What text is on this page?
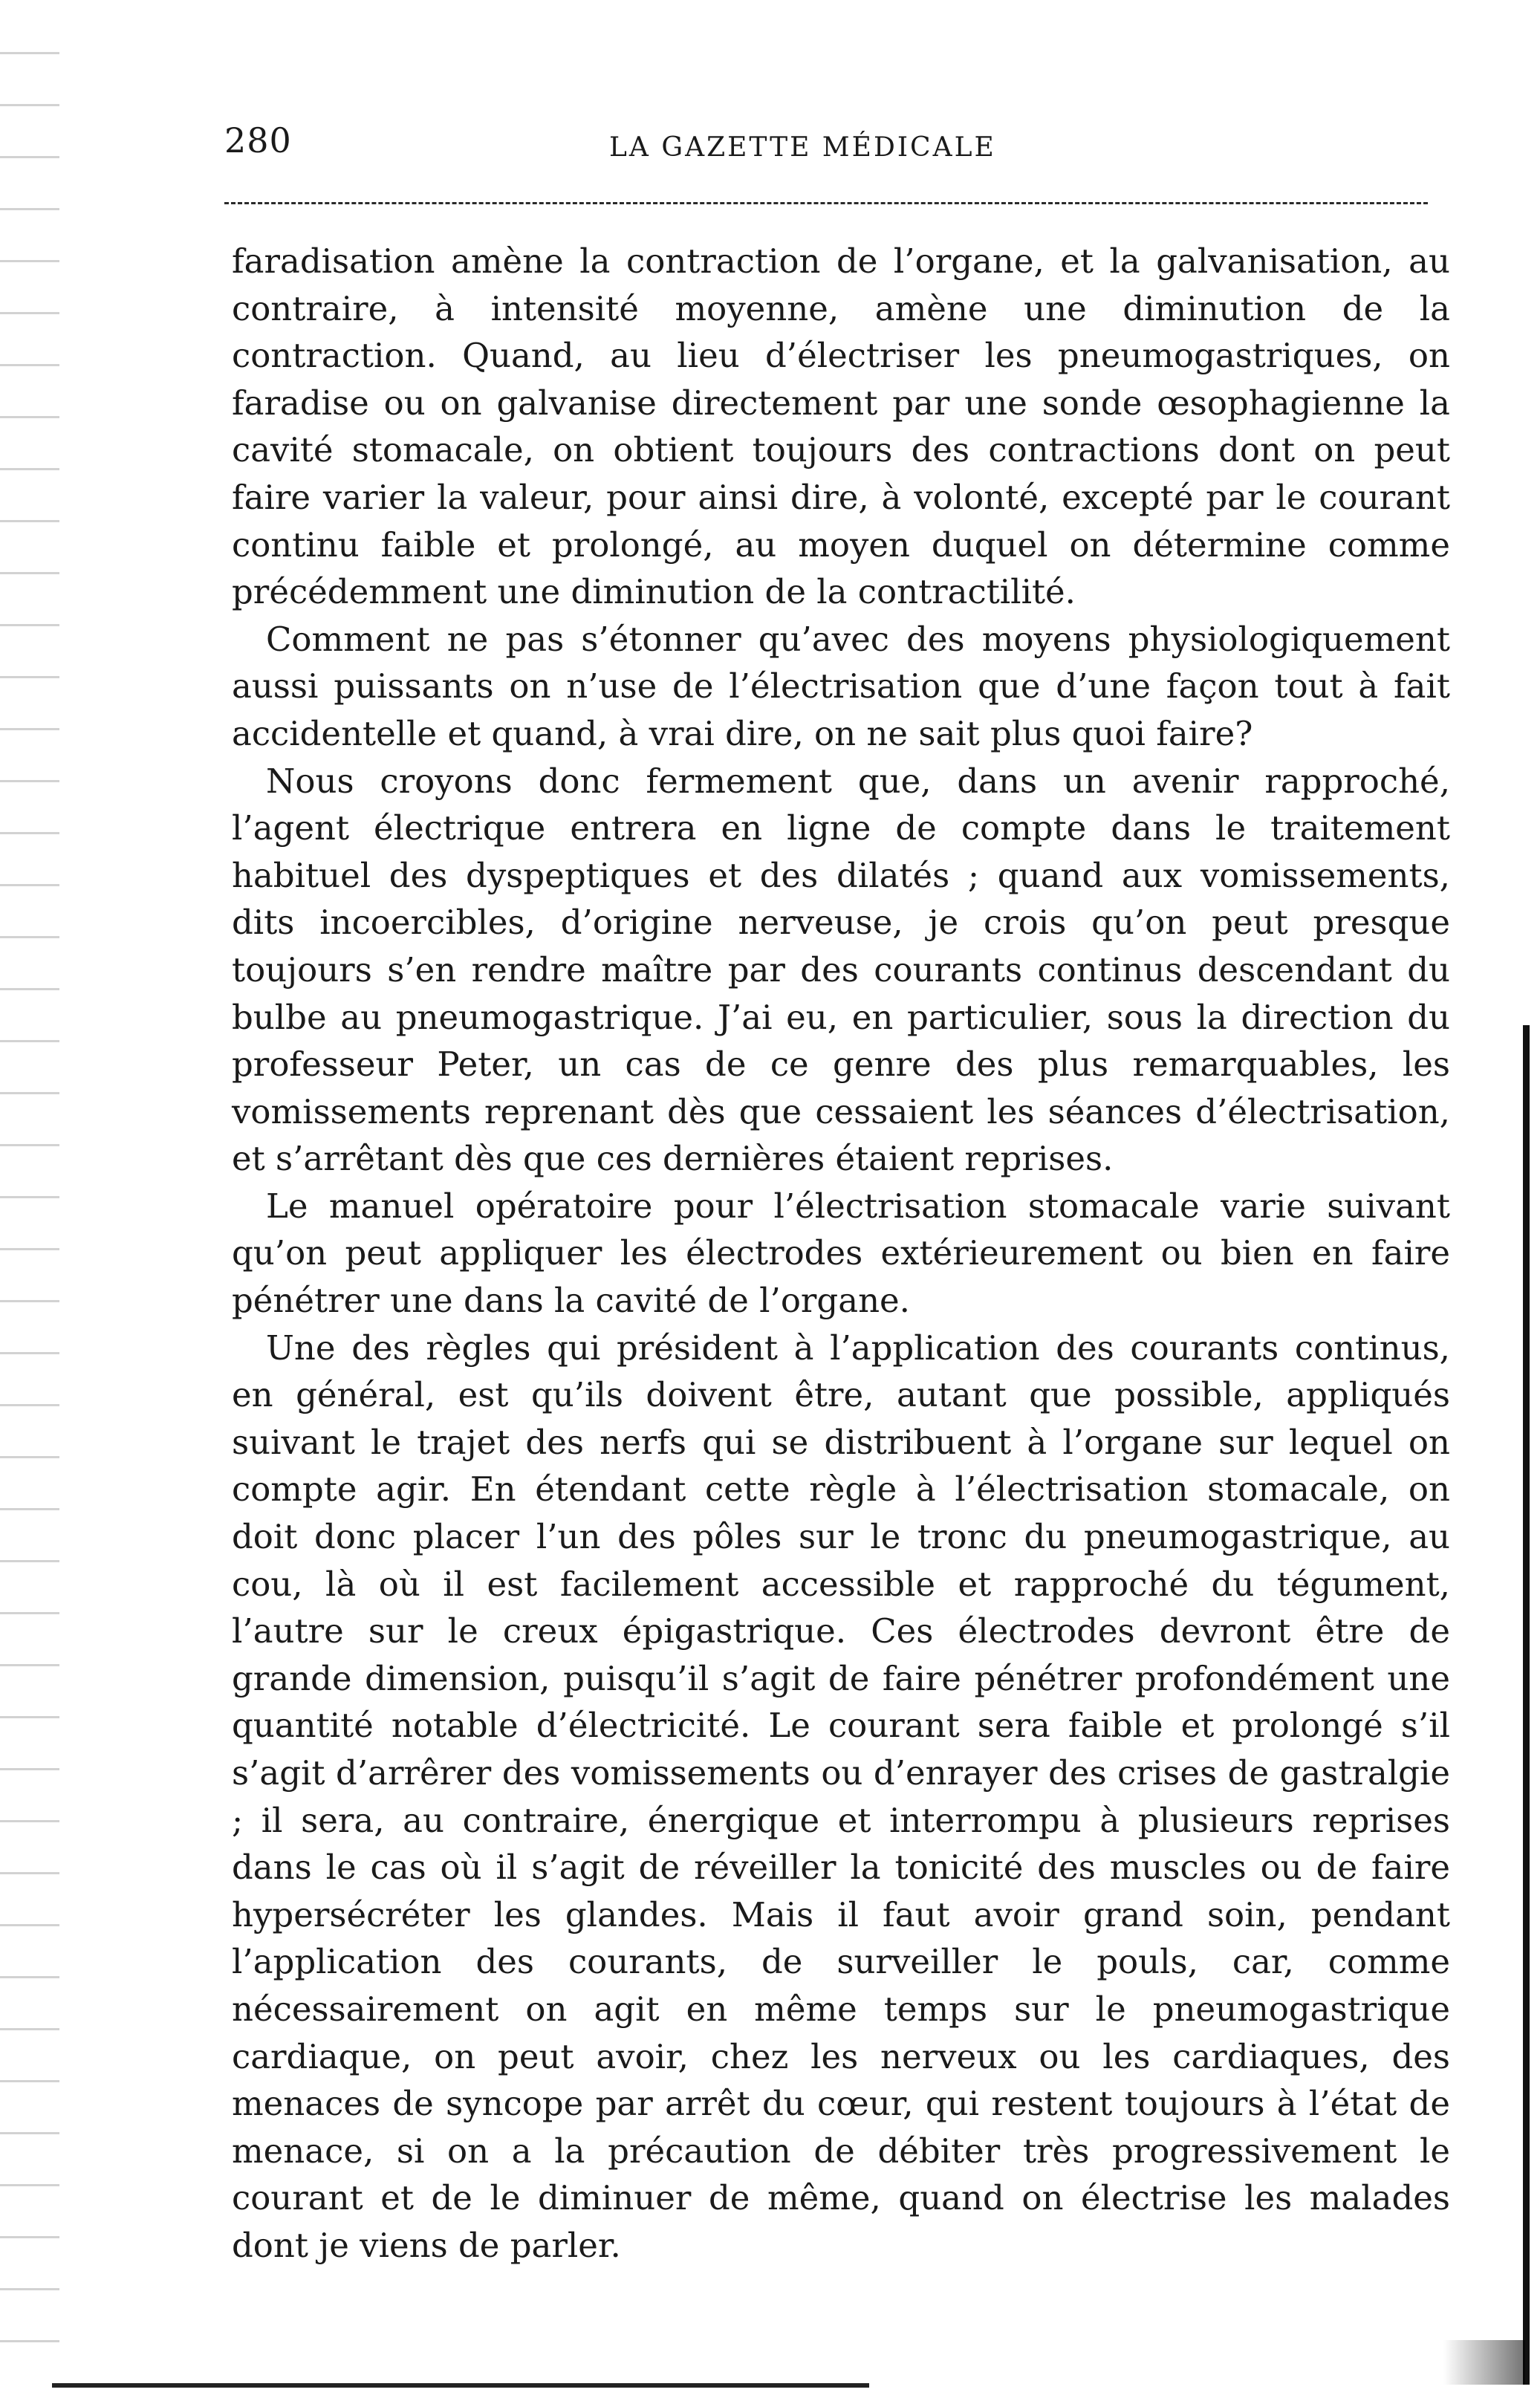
280	LA GAZETTE MÉDICALE

faradisation amène la contraction de l’organe, et la galvanisation, au contraire, à intensité moyenne, amène une diminution de la contraction. Quand, au lieu d’électriser les pneumogastriques, on faradise ou on galvanise directement par une sonde œsophagienne la cavité stomacale, on obtient toujours des contractions dont on peut faire varier la valeur, pour ainsi dire, à volonté, excepté par le courant continu faible et prolongé, au moyen duquel on détermine comme précédemment une diminution de la contractilité.

Comment ne pas s’étonner qu’avec des moyens physiologiquement aussi puissants on n’use de l’électrisation que d’une façon tout à fait accidentelle et quand, à vrai dire, on ne sait plus quoi faire?

Nous croyons donc fermement que, dans un avenir rapproché, l’agent électrique entrera en ligne de compte dans le traitement habituel des dyspeptiques et des dilatés ; quand aux vomissements, dits incoercibles, d’origine nerveuse, je crois qu’on peut presque toujours s’en rendre maître par des courants continus descendant du bulbe au pneumogastrique. J’ai eu, en particulier, sous la direction du professeur Peter, un cas de ce genre des plus remarquables, les vomissements reprenant dès que cessaient les séances d’électrisation, et s’arrêtant dès que ces dernières étaient reprises.

Le manuel opératoire pour l’électrisation stomacale varie suivant qu’on peut appliquer les électrodes extérieurement ou bien en faire pénétrer une dans la cavité de l’organe.

Une des règles qui président à l’application des courants continus, en général, est qu’ils doivent être, autant que possible, appliqués suivant le trajet des nerfs qui se distribuent à l’organe sur lequel on compte agir. En étendant cette règle à l’électrisation stomacale, on doit donc placer l’un des pôles sur le tronc du pneumogastrique, au cou, là où il est facilement accessible et rapproché du tégument, l’autre sur le creux épigastrique. Ces électrodes devront être de grande dimension, puisqu’il s’agit de faire pénétrer profondément une quantité notable d’électricité. Le courant sera faible et prolongé s’il s’agit d’arrêrer des vomissements ou d’enrayer des crises de gastralgie ; il sera, au contraire, énergique et interrompu à plusieurs reprises dans le cas où il s’agit de réveiller la tonicité des muscles ou de faire hypersécréter les glandes. Mais il faut avoir grand soin, pendant l’application des courants, de surveiller le pouls, car, comme nécessairement on agit en même temps sur le pneumogastrique cardiaque, on peut avoir, chez les nerveux ou les cardiaques, des menaces de syncope par arrêt du cœur, qui restent toujours à l’état de menace, si on a la précaution de débiter très progressivement le courant et de le diminuer de même, quand on électrise les malades dont je viens de parler.
